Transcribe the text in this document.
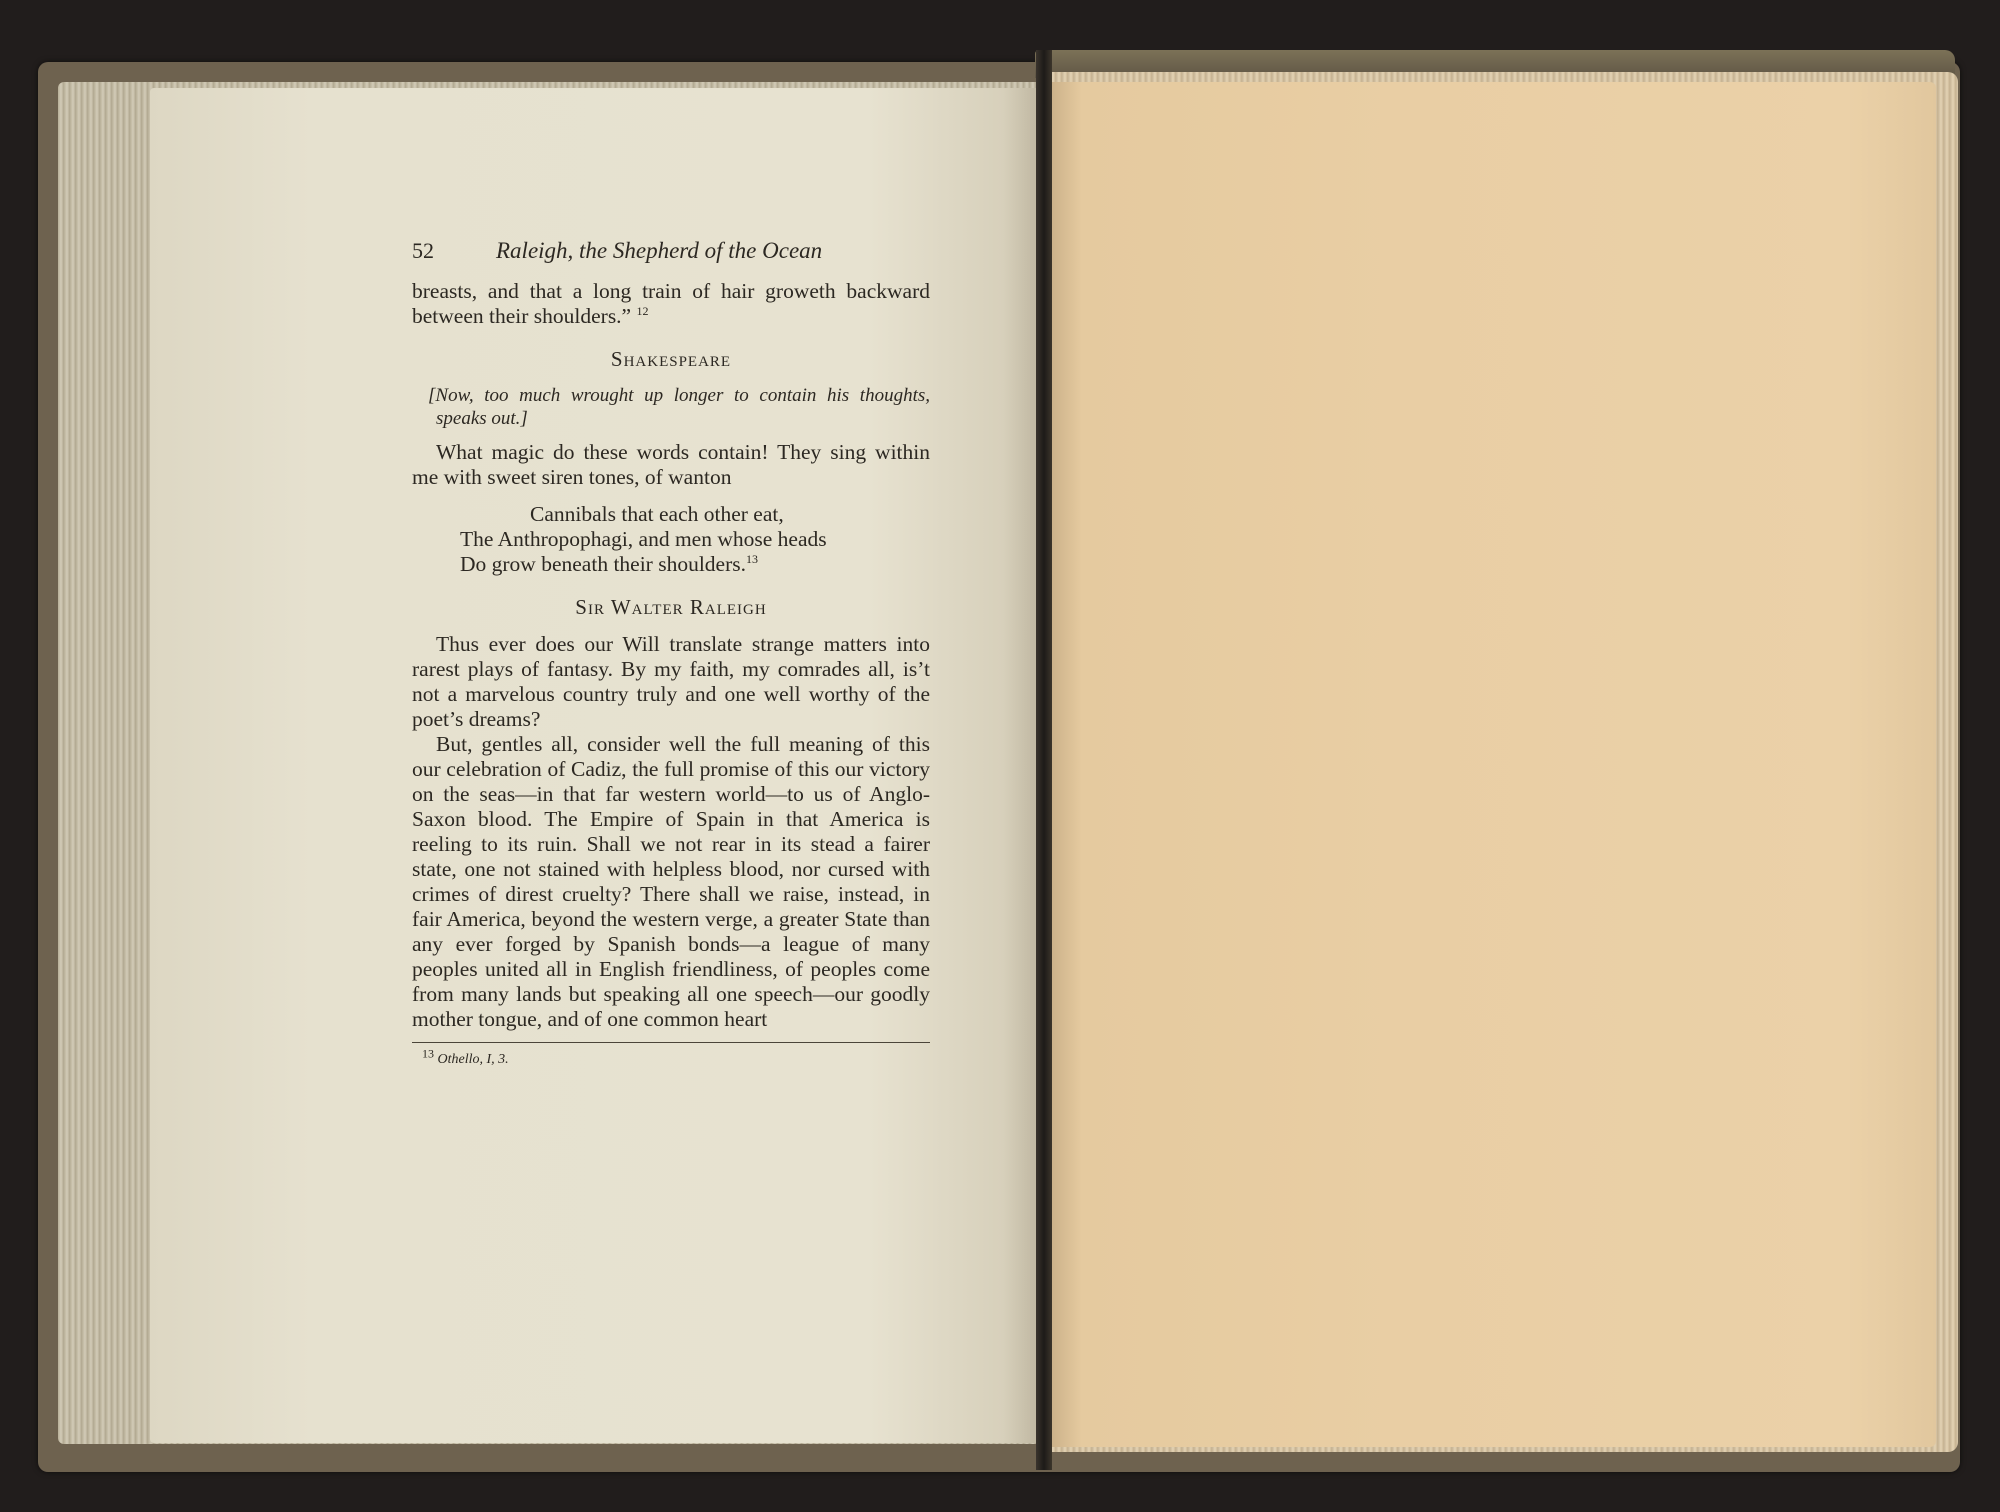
52	Raleigh, the Shepherd of the Ocean

breasts, and that a long train of hair groweth backward between their shoulders.” $^{12}$

Shakespeare

[Now, too much wrought up longer to contain his thoughts, speaks out.]

What magic do these words contain! They sing within me with sweet siren tones, of wanton

Cannibals that each other eat,
The Anthropophagi, and men whose heads
Do grow beneath their shoulders.$^{13}$
Sir Walter Raleigh

Thus ever does our Will translate strange matters into rarest plays of fantasy. By my faith, my comrades all, is’t not a marvelous country truly and one well worthy of the poet’s dreams?

But, gentles all, consider well the full meaning of this our celebration of Cadiz, the full promise of this our victory on the seas—in that far western world—to us of Anglo-Saxon blood. The Empire of Spain in that America is reeling to its ruin. Shall we not rear in its stead a fairer state, one not stained with helpless blood, nor cursed with crimes of direst cruelty? There shall we raise, instead, in fair America, beyond the western verge, a greater State than any ever forged by Spanish bonds—a league of many peoples united all in English friendliness, of peoples come from many lands but speaking all one speech—our goodly mother tongue, and of one common heart

$^{13}$ Othello, I, 3.
